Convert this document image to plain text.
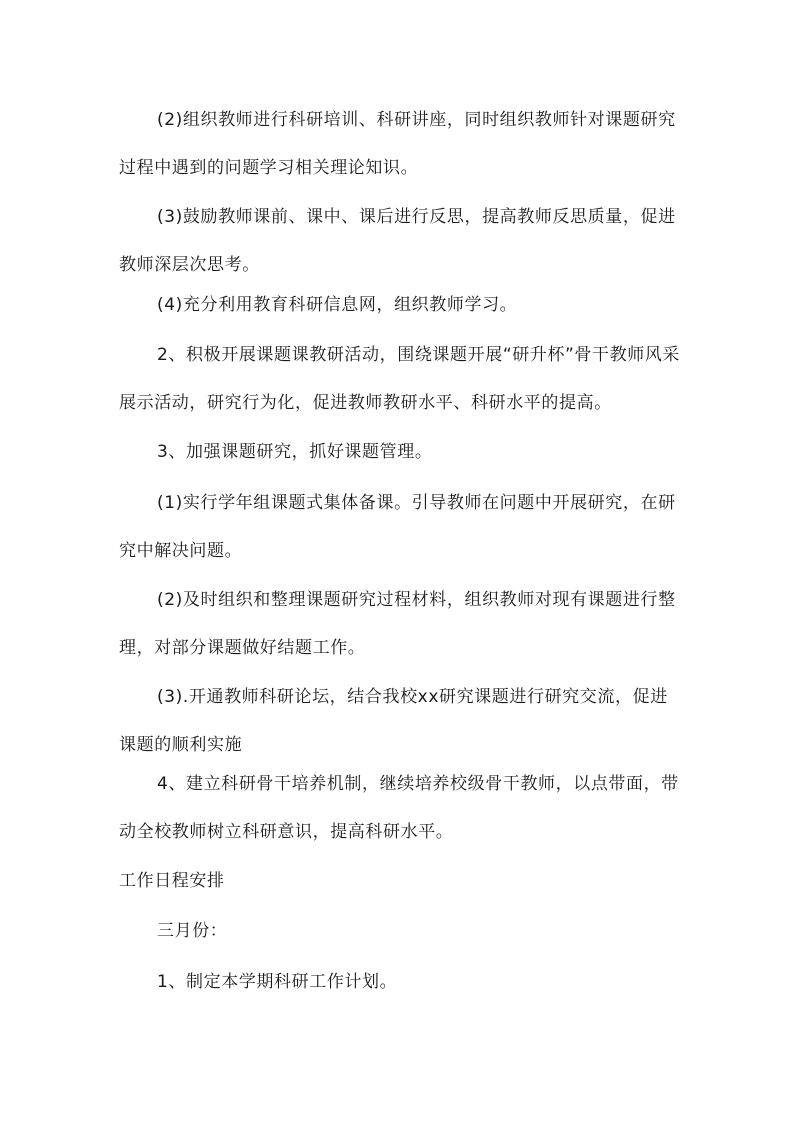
(2)组织教师进行科研培训、科研讲座，同时组织教师针对课题研究过程中遇到的问题学习相关理论知识。

(3)鼓励教师课前、课中、课后进行反思，提高教师反思质量，促进教师深层次思考。

(4)充分利用教育科研信息网，组织教师学习。

2、积极开展课题课教研活动，围绕课题开展“研升杯”骨干教师风采展示活动，研究行为化，促进教师教研水平、科研水平的提高。

3、加强课题研究，抓好课题管理。

(1)实行学年组课题式集体备课。引导教师在问题中开展研究，在研究中解决问题。

(2)及时组织和整理课题研究过程材料，组织教师对现有课题进行整理，对部分课题做好结题工作。

(3).开通教师科研论坛，结合我校xx研究课题进行研究交流，促进课题的顺利实施

4、建立科研骨干培养机制，继续培养校级骨干教师，以点带面，带动全校教师树立科研意识，提高科研水平。

工作日程安排

三月份：

1、制定本学期科研工作计划。
